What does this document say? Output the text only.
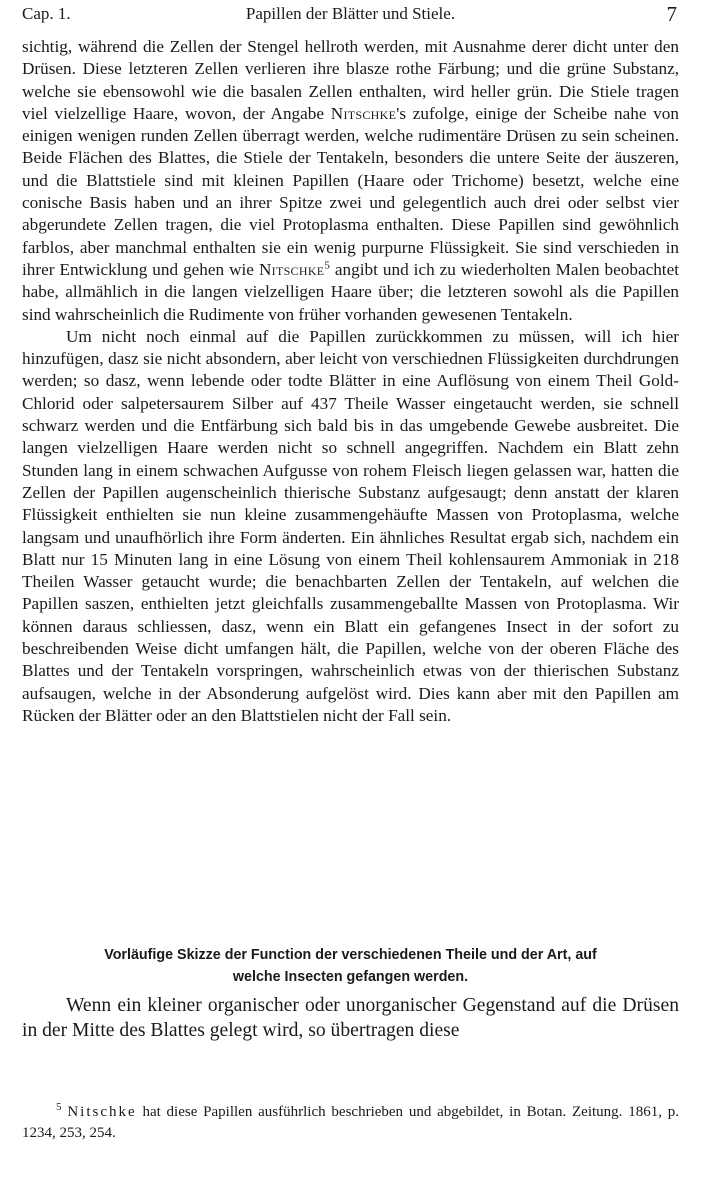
Cap. 1.	Papillen der Blätter und Stiele.	7

sichtig, während die Zellen der Stengel hellroth werden, mit Ausnahme derer dicht unter den Drüsen. Diese letzteren Zellen verlieren ihre blasze rothe Färbung; und die grüne Substanz, welche sie ebensowohl wie die basalen Zellen enthalten, wird heller grün. Die Stiele tragen viel vielzellige Haare, wovon, der Angabe Nitschke's zufolge, einige der Scheibe nahe von einigen wenigen runden Zellen überragt werden, welche rudimentäre Drüsen zu sein scheinen. Beide Flächen des Blattes, die Stiele der Tentakeln, besonders die untere Seite der äuszeren, und die Blattstiele sind mit kleinen Papillen (Haare oder Trichome) besetzt, welche eine conische Basis haben und an ihrer Spitze zwei und gelegentlich auch drei oder selbst vier abgerundete Zellen tragen, die viel Protoplasma enthalten. Diese Papillen sind gewöhnlich farblos, aber manchmal enthalten sie ein wenig purpurne Flüssigkeit. Sie sind verschieden in ihrer Entwicklung und gehen wie Nitschke$^5$ angibt und ich zu wiederholten Malen beobachtet habe, allmählich in die langen vielzelligen Haare über; die letzteren sowohl als die Papillen sind wahrscheinlich die Rudimente von früher vorhanden gewesenen Tentakeln.

Um nicht noch einmal auf die Papillen zurückkommen zu müssen, will ich hier hinzufügen, dasz sie nicht absondern, aber leicht von verschiednen Flüssigkeiten durchdrungen werden; so dasz, wenn lebende oder todte Blätter in eine Auflösung von einem Theil Gold-Chlorid oder salpetersaurem Silber auf 437 Theile Wasser eingetaucht werden, sie schnell schwarz werden und die Entfärbung sich bald bis in das umgebende Gewebe ausbreitet. Die langen vielzelligen Haare werden nicht so schnell angegriffen. Nachdem ein Blatt zehn Stunden lang in einem schwachen Aufgusse von rohem Fleisch liegen gelassen war, hatten die Zellen der Papillen augenscheinlich thierische Substanz aufgesaugt; denn anstatt der klaren Flüssigkeit enthielten sie nun kleine zusammengehäufte Massen von Protoplasma, welche langsam und unaufhörlich ihre Form änderten. Ein ähnliches Resultat ergab sich, nachdem ein Blatt nur 15 Minuten lang in eine Lösung von einem Theil kohlensaurem Ammoniak in 218 Theilen Wasser getaucht wurde; die benachbarten Zellen der Tentakeln, auf welchen die Papillen saszen, enthielten jetzt gleichfalls zusammengeballte Massen von Protoplasma. Wir können daraus schliessen, dasz, wenn ein Blatt ein gefangenes Insect in der sofort zu beschreibenden Weise dicht umfangen hält, die Papillen, welche von der oberen Fläche des Blattes und der Tentakeln vorspringen, wahrscheinlich etwas von der thierischen Substanz aufsaugen, welche in der Absonderung aufgelöst wird. Dies kann aber mit den Papillen am Rücken der Blätter oder an den Blattstielen nicht der Fall sein.

Vorläufige Skizze der Function der verschiedenen Theile und der Art, auf
welche Insecten gefangen werden.
Wenn ein kleiner organischer oder unorganischer Gegenstand auf die Drüsen in der Mitte des Blattes gelegt wird, so übertragen diese
$^5$ Nitschke hat diese Papillen ausführlich beschrieben und abgebildet, in Botan. Zeitung. 1861, p. 1234, 253, 254.
